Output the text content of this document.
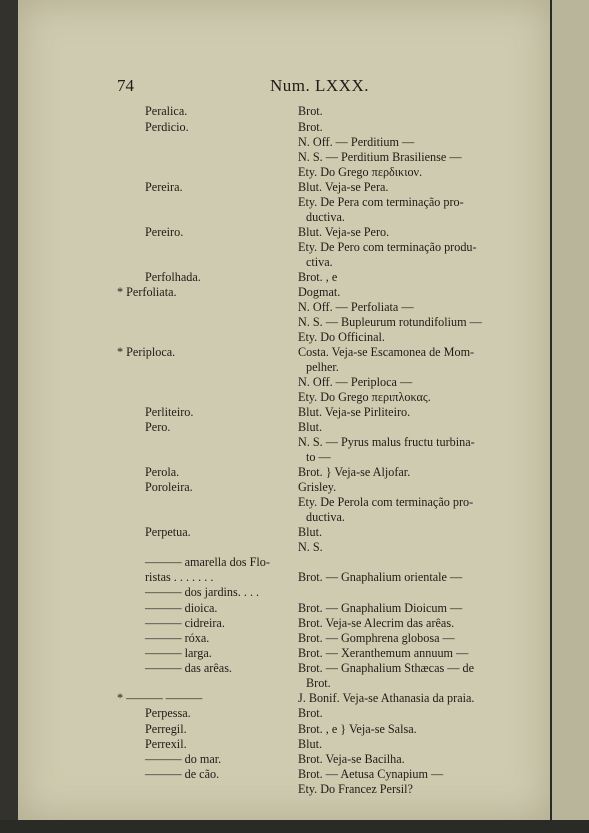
74	Num. LXXX.
Peralica.	Brot.
Perdicio.	Brot.
N. Off. — Perditium —
N. S. — Perditium Brasiliense —
Ety. Do Grego περδικιον.
Pereira.	Blut. Veja-se Pera.
Ety. De Pera com terminação pro-
ductiva.
Pereiro.	Blut. Veja-se Pero.
Ety. De Pero com terminação produ-
ctiva.
Perfolhada.	Brot. , e
* Perfoliata.	Dogmat.
N. Off. — Perfoliata —
N. S. — Bupleurum rotundifolium —
Ety. Do Officinal.
* Periploca.	Costa. Veja-se Escamonea de Mom-
pelher.
N. Off. — Periploca —
Ety. Do Grego περιπλοκας.
Perliteiro.	Blut. Veja-se Pirliteiro.
Pero.	Blut.
N. S. — Pyrus malus fructu turbina-
to —
Perola.	Brot. } Veja-se Aljofar.
Poroleira.	Grisley.
Ety. De Perola com terminação pro-
ductiva.
Perpetua.	Blut.
N. S.
——— amarella dos Flo-
ristas . . . . . . .	Brot. — Gnaphalium orientale —
——— dos jardins. . . .
——— dioica.	Brot. — Gnaphalium Dioicum —
——— cidreira.	Brot. Veja-se Alecrim das arêas.
——— róxa.	Brot. — Gomphrena globosa —
——— larga.	Brot. — Xeranthemum annuum —
——— das arêas.	Brot. — Gnaphalium Sthæcas — de
Brot.
* ——— ———	J. Bonif. Veja-se Athanasia da praia.
Perpessa.	Brot.
Perregil.	Brot. , e } Veja-se Salsa.
Perrexil.	Blut.
——— do mar.	Brot. Veja-se Bacilha.
——— de cão.	Brot. — Aetusa Cynapium —
Ety. Do Francez Persil?
